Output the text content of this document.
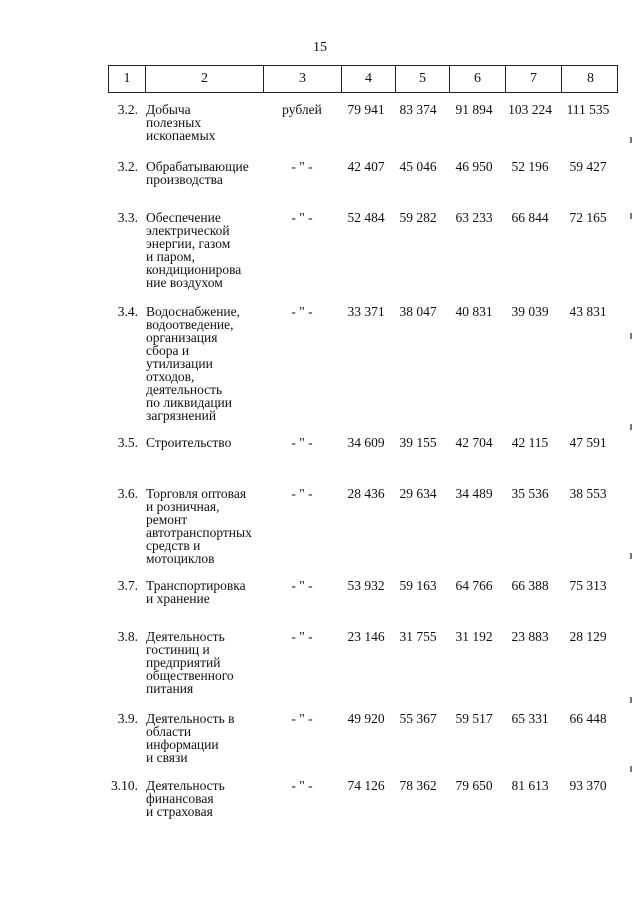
15
1	2	3	4	5	6	7	8
3.2. Добыча
полезных
ископаемых
рублей	79 941	83 374	91 894	103 224	111 535
3.2. Обрабатывающие
производства
- " -	42 407	45 046	46 950	52 196	59 427
3.3. Обеспечение
электрической
энергии, газом
и паром,
кондиционирова
ние воздухом
- " -	52 484	59 282	63 233	66 844	72 165
3.4. Водоснабжение,
водоотведение,
организация
сбора и
утилизации
отходов,
деятельность
по ликвидации
загрязнений
- " -	33 371	38 047	40 831	39 039	43 831
3.5. Строительство	- " -	34 609	39 155	42 704	42 115	47 591
3.6. Торговля оптовая
и розничная,
ремонт
автотранспортных
средств и
мотоциклов
- " -	28 436	29 634	34 489	35 536	38 553
3.7. Транспортировка
и хранение
- " -	53 932	59 163	64 766	66 388	75 313
3.8. Деятельность
гостиниц и
предприятий
общественного
питания
- " -	23 146	31 755	31 192	23 883	28 129
3.9. Деятельность в
области
информации
и связи
- " -	49 920	55 367	59 517	65 331	66 448
3.10. Деятельность
финансовая
и страховая
- " -	74 126	78 362	79 650	81 613	93 370
